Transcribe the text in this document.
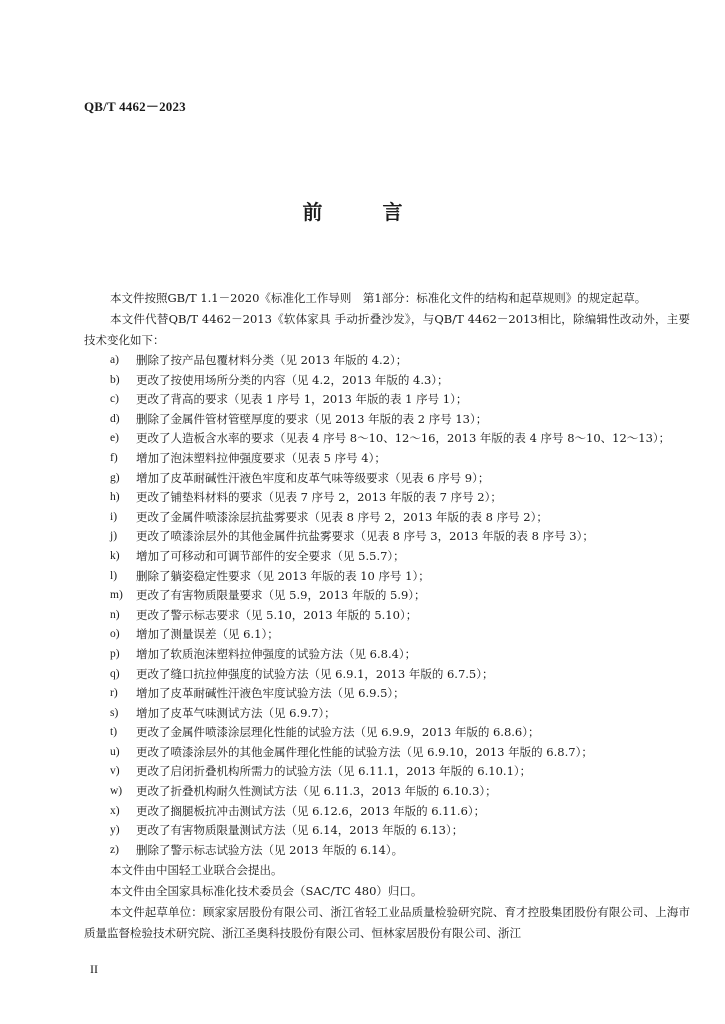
QB/T 4462－2023
前　言

本文件按照GB/T 1.1－2020《标准化工作导则　第1部分：标准化文件的结构和起草规则》的规定起草。

本文件代替QB/T 4462－2013《软体家具 手动折叠沙发》，与QB/T 4462－2013相比，除编辑性改动外，主要技术变化如下：

a)	删除了按产品包覆材料分类（见 2013 年版的 4.2）；
b)	更改了按使用场所分类的内容（见 4.2，2013 年版的 4.3）；
c)	更改了背高的要求（见表 1 序号 1，2013 年版的表 1 序号 1）；
d)	删除了金属件管材管壁厚度的要求（见 2013 年版的表 2 序号 13）；
e)	更改了人造板含水率的要求（见表 4 序号 8～10、12～16，2013 年版的表 4 序号 8～10、12～13）；
f)	增加了泡沫塑料拉伸强度要求（见表 5 序号 4）；
g)	增加了皮革耐碱性汗液色牢度和皮革气味等级要求（见表 6 序号 9）；
h)	更改了铺垫料材料的要求（见表 7 序号 2，2013 年版的表 7 序号 2）；
i)	更改了金属件喷漆涂层抗盐雾要求（见表 8 序号 2，2013 年版的表 8 序号 2）；
j)	更改了喷漆涂层外的其他金属件抗盐雾要求（见表 8 序号 3，2013 年版的表 8 序号 3）；
k)	增加了可移动和可调节部件的安全要求（见 5.5.7）；
l)	删除了躺姿稳定性要求（见 2013 年版的表 10 序号 1）；
m)	更改了有害物质限量要求（见 5.9，2013 年版的 5.9）；
n)	更改了警示标志要求（见 5.10，2013 年版的 5.10）；
o)	增加了测量误差（见 6.1）；
p)	增加了软质泡沫塑料拉伸强度的试验方法（见 6.8.4）；
q)	更改了缝口抗拉伸强度的试验方法（见 6.9.1，2013 年版的 6.7.5）；
r)	增加了皮革耐碱性汗液色牢度试验方法（见 6.9.5）；
s)	增加了皮革气味测试方法（见 6.9.7）；
t)	更改了金属件喷漆涂层理化性能的试验方法（见 6.9.9，2013 年版的 6.8.6）；
u)	更改了喷漆涂层外的其他金属件理化性能的试验方法（见 6.9.10，2013 年版的 6.8.7）；
v)	更改了启闭折叠机构所需力的试验方法（见 6.11.1，2013 年版的 6.10.1）；
w)	更改了折叠机构耐久性测试方法（见 6.11.3，2013 年版的 6.10.3）；
x)	更改了搁腿板抗冲击测试方法（见 6.12.6，2013 年版的 6.11.6）；
y)	更改了有害物质限量测试方法（见 6.14，2013 年版的 6.13）；
z)	删除了警示标志试验方法（见 2013 年版的 6.14）。

本文件由中国轻工业联合会提出。

本文件由全国家具标准化技术委员会（SAC/TC 480）归口。

本文件起草单位：顾家家居股份有限公司、浙江省轻工业品质量检验研究院、育才控股集团股份有限公司、上海市质量监督检验技术研究院、浙江圣奥科技股份有限公司、恒林家居股份有限公司、浙江

II
